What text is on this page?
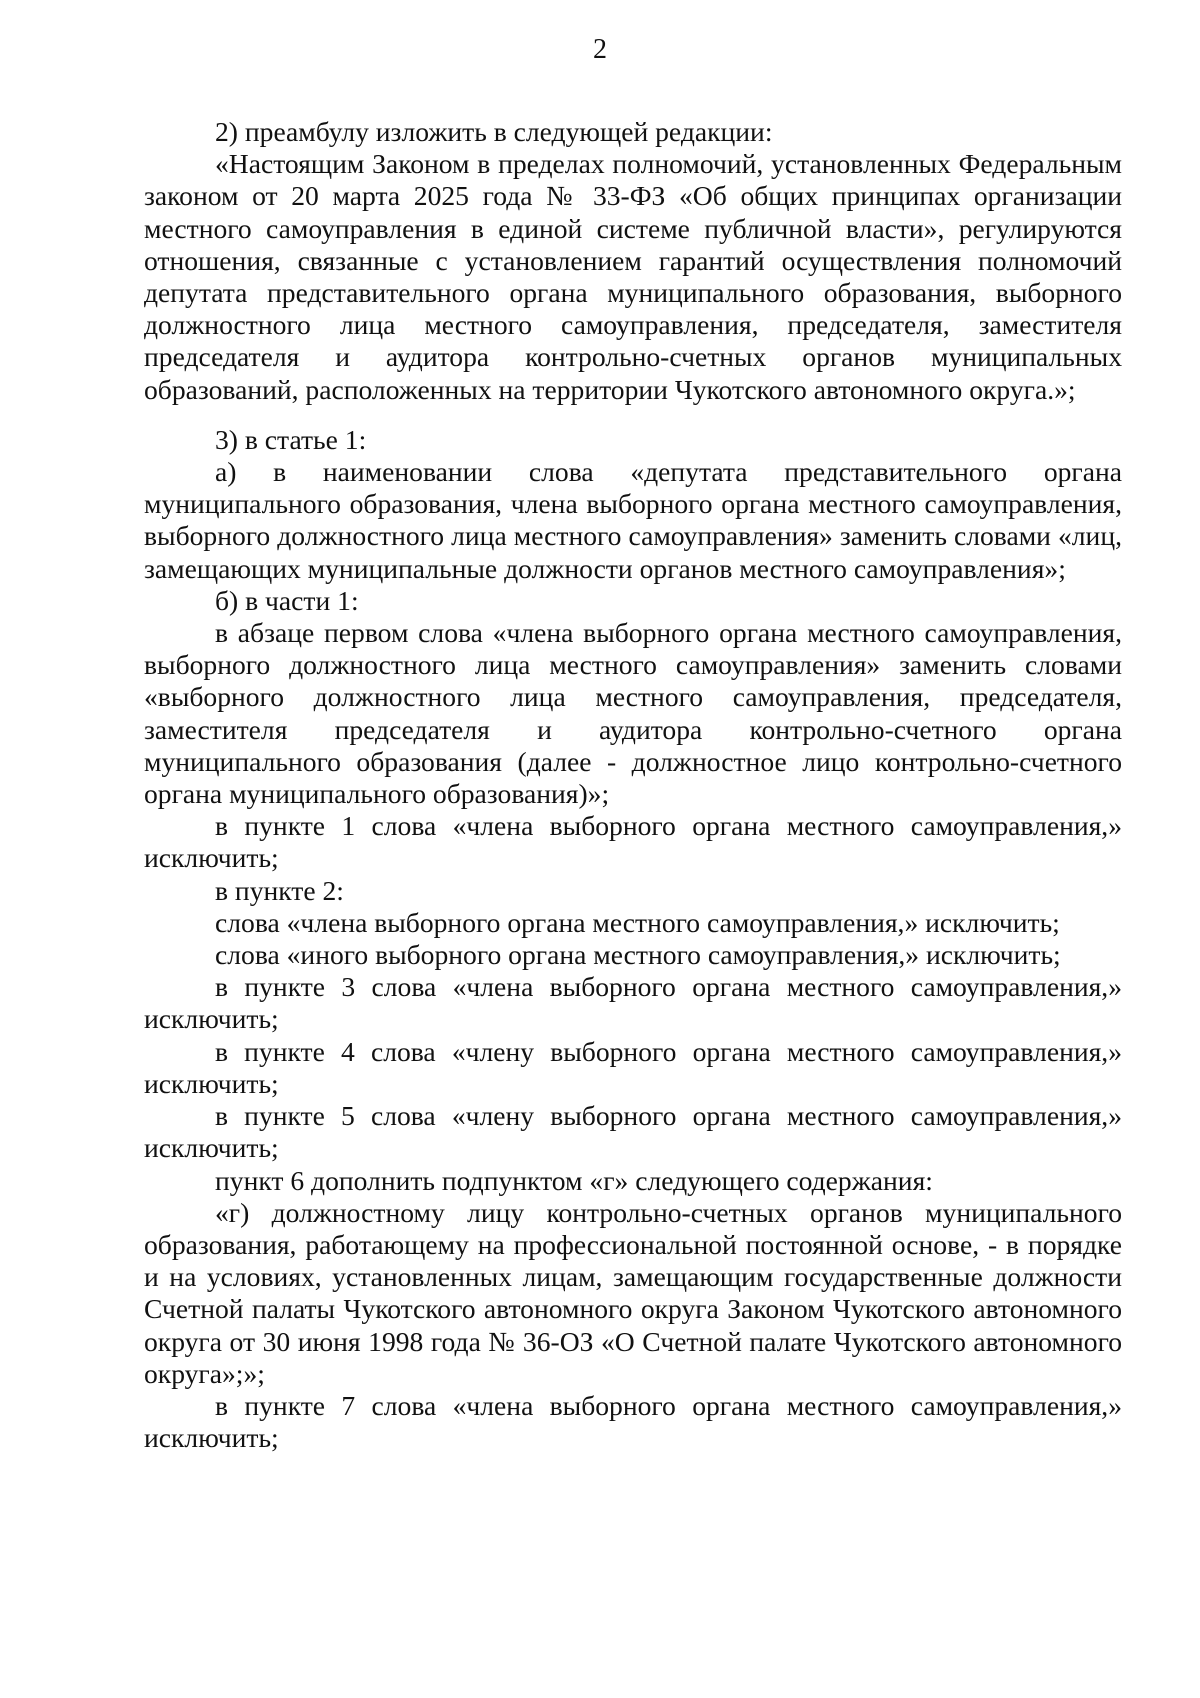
2

2) преамбулу изложить в следующей редакции:

«Настоящим Законом в пределах полномочий, установленных Федеральным законом от 20 марта 2025 года № 33-ФЗ «Об общих принципах организации местного самоуправления в единой системе публичной власти», регулируются отношения, связанные с установлением гарантий осуществления полномочий депутата представительного органа муниципального образования, выборного должностного лица местного самоуправления, председателя, заместителя председателя и аудитора контрольно-счетных органов муниципальных образований, расположенных на территории Чукотского автономного округа.»;

3) в статье 1:

а) в наименовании слова «депутата представительного органа муниципального образования, члена выборного органа местного самоуправления, выборного должностного лица местного самоуправления» заменить словами «лиц, замещающих муниципальные должности органов местного самоуправления»;

б) в части 1:

в абзаце первом слова «члена выборного органа местного самоуправления, выборного должностного лица местного самоуправления» заменить словами «выборного должностного лица местного самоуправления, председателя, заместителя председателя и аудитора контрольно-счетного органа муниципального образования (далее - должностное лицо контрольно-счетного органа муниципального образования)»;

в пункте 1 слова «члена выборного органа местного самоуправления,» исключить;

в пункте 2:

слова «члена выборного органа местного самоуправления,» исключить;

слова «иного выборного органа местного самоуправления,» исключить;

в пункте 3 слова «члена выборного органа местного самоуправления,» исключить;

в пункте 4 слова «члену выборного органа местного самоуправления,» исключить;

в пункте 5 слова «члену выборного органа местного самоуправления,» исключить;

пункт 6 дополнить подпунктом «г» следующего содержания:

«г) должностному лицу контрольно-счетных органов муниципального образования, работающему на профессиональной постоянной основе, - в порядке и на условиях, установленных лицам, замещающим государственные должности Счетной палаты Чукотского автономного округа Законом Чукотского автономного округа от 30 июня 1998 года № 36-ОЗ «О Счетной палате Чукотского автономного округа»;»;

в пункте 7 слова «члена выборного органа местного самоуправления,» исключить;
